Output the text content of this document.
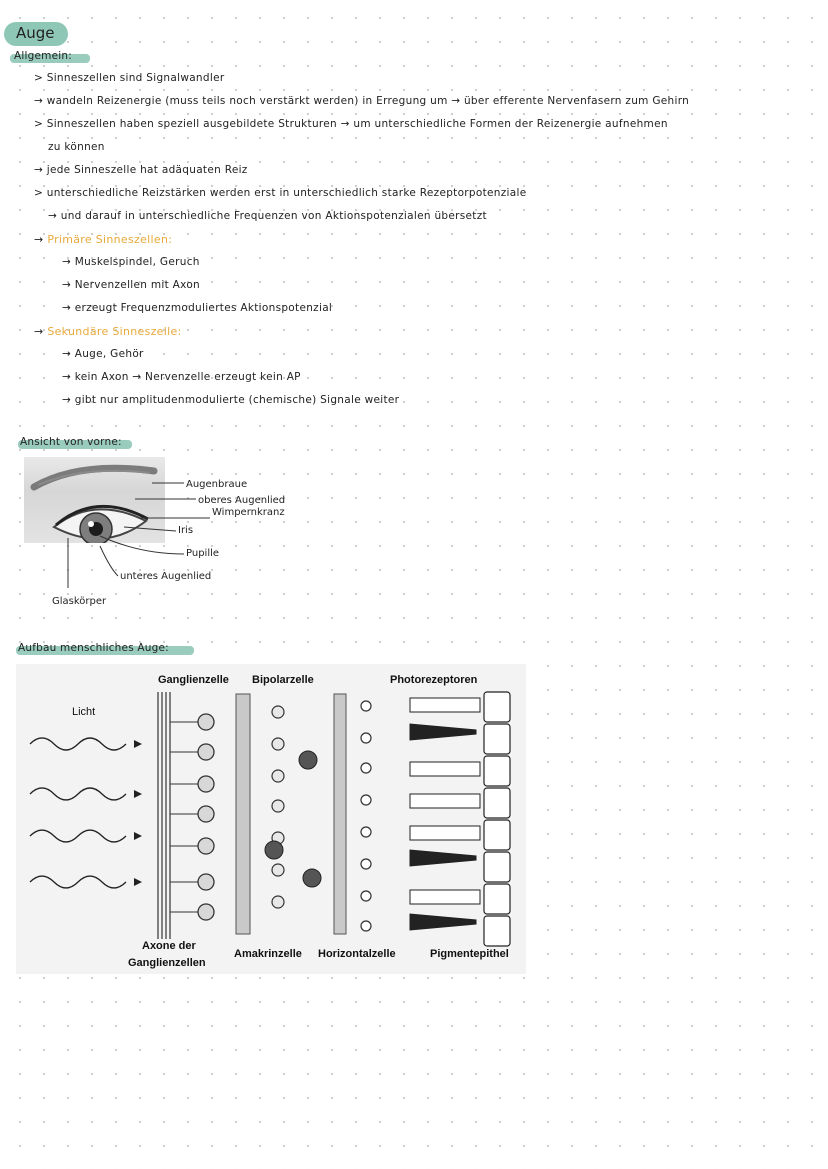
Auge
Allgemein:
> Sinneszellen sind Signalwandler
→ wandeln Reizenergie (muss teils noch verstärkt werden) in Erregung um → über efferente Nervenfasern zum Gehirn
> Sinneszellen haben speziell ausgebildete Strukturen → um unterschiedliche Formen der Reizenergie aufnehmen
zu können
→ jede Sinneszelle hat adäquaten Reiz
> unterschiedliche Reizstärken werden erst in unterschiedlich starke Rezeptorpotenziale
→ und darauf in unterschiedliche Frequenzen von Aktionspotenzialen übersetzt
→ Primäre Sinneszellen:
→ Muskelspindel, Geruch
→ Nervenzellen mit Axon
→ erzeugt Frequenzmoduliertes Aktionspotenzial
→ Sekundäre Sinneszelle:
→ Auge, Gehör
→ kein Axon → Nervenzelle erzeugt kein AP
→ gibt nur amplitudenmodulierte (chemische) Signale weiter
Ansicht von vorne:
Augenbraue
oberes Augenlied
Wimpernkranz
Iris
Pupille
unteres Augenlied
Glaskörper
Aufbau menschliches Auge:
Licht
Ganglienzelle Bipolarzelle	Photorezeptoren
Axone der
Ganglienzellen
Amakrinzelle Horizontalzelle	Pigmentepithel
